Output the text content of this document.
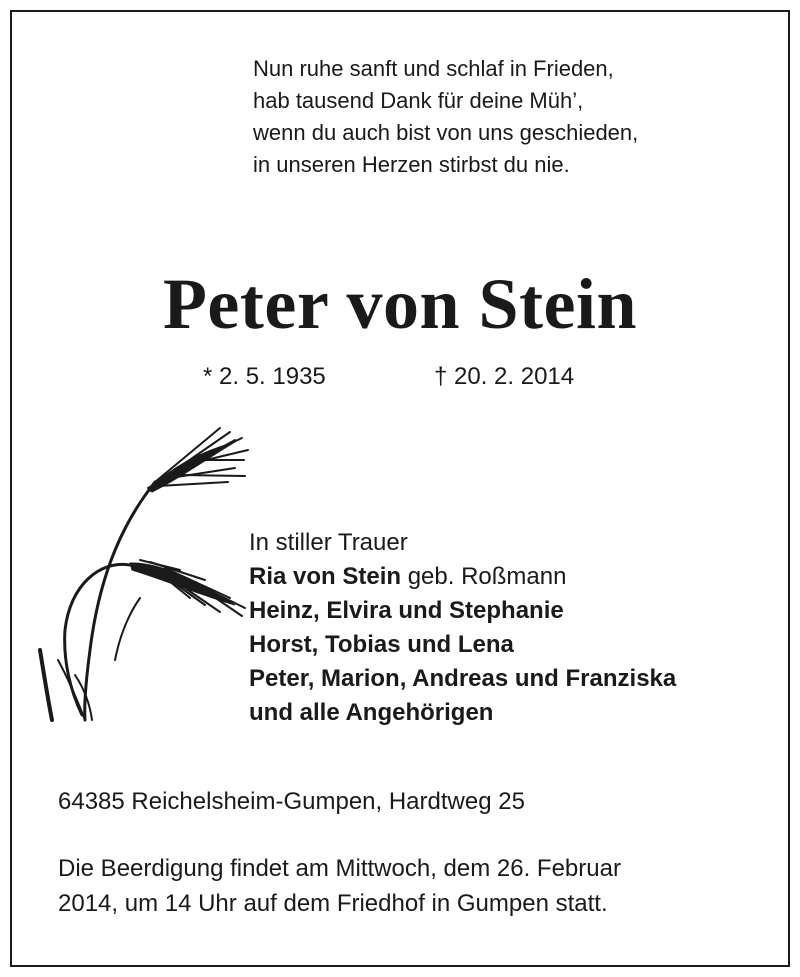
Nun ruhe sanft und schlaf in Frieden,
hab tausend Dank für deine Müh’,
wenn du auch bist von uns geschieden,
in unseren Herzen stirbst du nie.
Peter von Stein
* 2. 5. 1935	† 20. 2. 2014
In stiller Trauer
Ria von Stein geb. Roßmann
Heinz, Elvira und Stephanie
Horst, Tobias und Lena
Peter, Marion, Andreas und Franziska
und alle Angehörigen
64385 Reichelsheim-Gumpen, Hardtweg 25
Die Beerdigung findet am Mittwoch, dem 26. Februar
2014, um 14 Uhr auf dem Friedhof in Gumpen statt.
